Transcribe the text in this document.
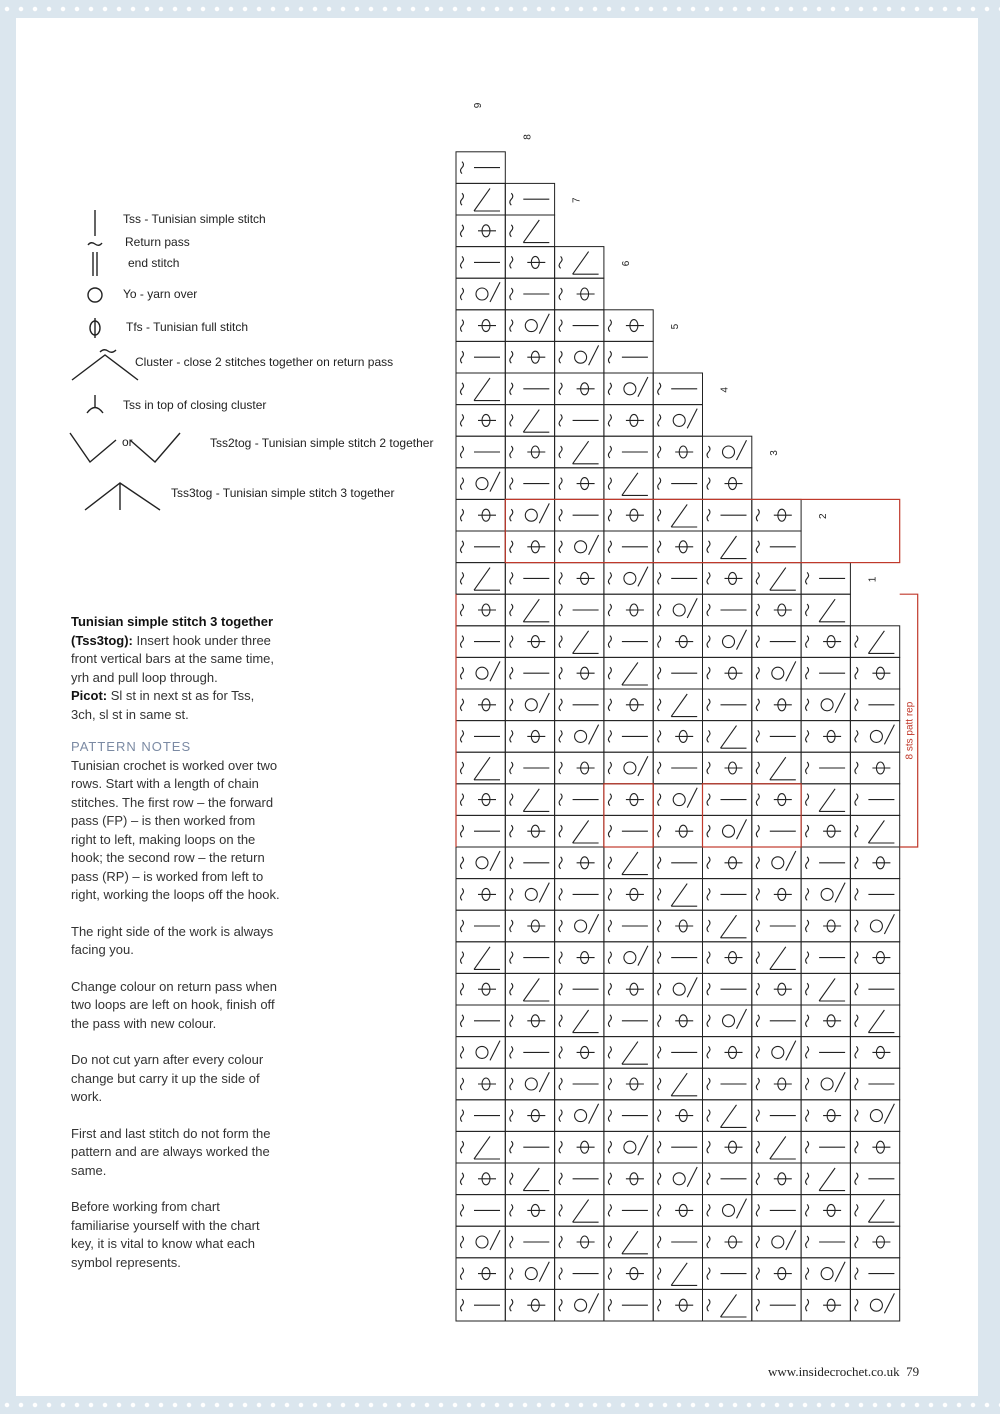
Tss - Tunisian simple stitch
Return pass
end stitch
Yo - yarn over
Tfs - Tunisian full stitch
Cluster - close 2 stitches together on return pass
Tss in top of closing cluster
or	Tss2tog - Tunisian simple stitch 2 together
Tss3tog - Tunisian simple stitch 3 together

Tunisian simple stitch 3 together (Tss3tog): Insert hook under three front vertical bars at the same time, yrh and pull loop through.
Picot: Sl st in next st as for Tss, 3ch, sl st in same st.

PATTERN NOTES

Tunisian crochet is worked over two rows. Start with a length of chain stitches. The first row – the forward pass (FP) – is then worked from right to left, making loops on the hook; the second row – the return pass (RP) – is worked from left to right, working the loops off the hook.

The right side of the work is always facing you.

Change colour on return pass when two loops are left on hook, finish off the pass with new colour.

Do not cut yarn after every colour change but carry it up the side of work.

First and last stitch do not form the pattern and are always worked the same.

Before working from chart familiarise yourself with the chart key, it is vital to know what each symbol represents.

9
8
7
6
5
4
3
2
1
8 sts patt rep
www.insidecrochet.co.uk 79
